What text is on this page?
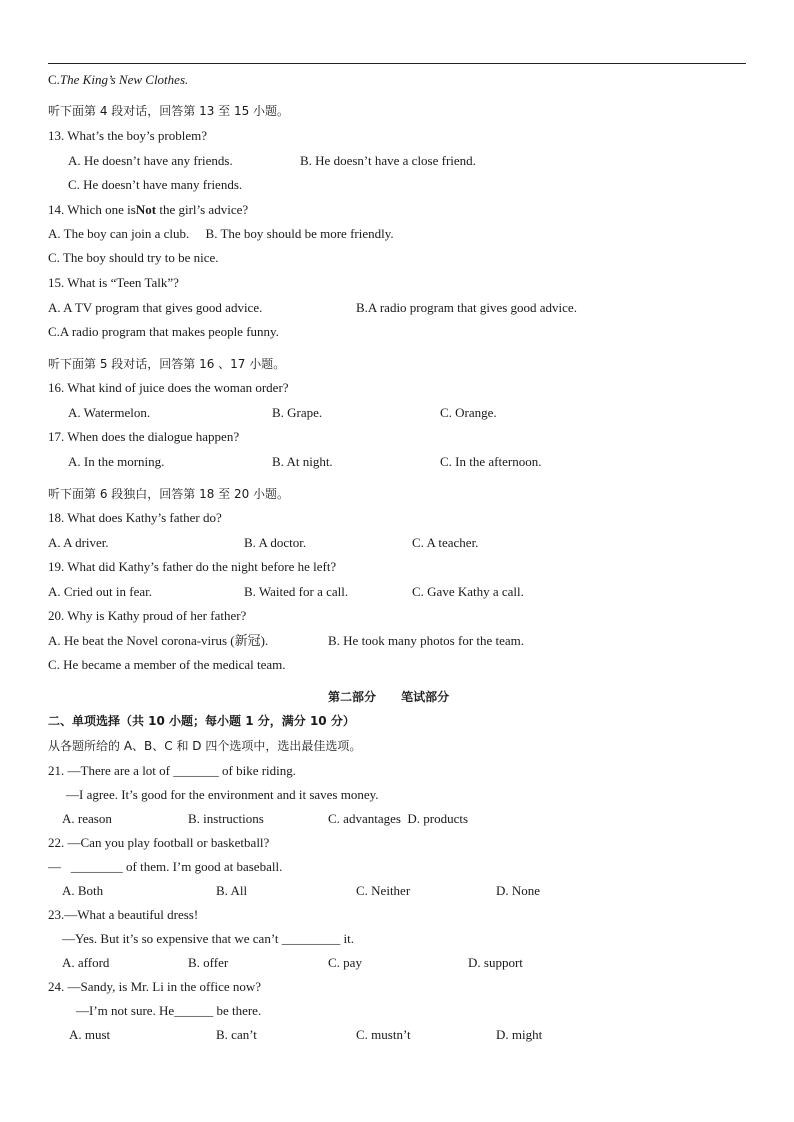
C.The King’s New Clothes.
听下面第 4 段对话，回答第 13 至 15 小题。
13. What’s the boy’s problem?
A. He doesn’t have any friends.	B. He doesn’t have a close friend.
C. He doesn’t have many friends.
14. Which one isNot the girl’s advice?
A. The boy can join a club.     B. The boy should be more friendly.
C. The boy should try to be nice.
15. What is “Teen Talk”?
A. A TV program that gives good advice.	B.A radio program that gives good advice.
C.A radio program that makes people funny.
听下面第 5 段对话，回答第 16 、17 小题。
16. What kind of juice does the woman order?
A. Watermelon.	B. Grape.	C. Orange.
17. When does the dialogue happen?
A. In the morning.	B. At night.	C. In the afternoon.
听下面第 6 段独白，回答第 18 至 20 小题。
18. What does Kathy’s father do?
A. A driver.	B. A doctor.	C. A teacher.
19. What did Kathy’s father do the night before he left?
A. Cried out in fear.	B. Waited for a call.	C. Gave Kathy a call.
20. Why is Kathy proud of her father?
A. He beat the Novel corona-virus (新冠).	B. He took many photos for the team.
C. He became a member of the medical team.
第二部分      笔试部分
二、单项选择（共 10 小题；每小题 1 分，满分 10 分）
从各题所给的 A、B、C 和 D 四个选项中，选出最佳选项。
21. —There are a lot of _______ of bike riding.
—I agree. It’s good for the environment and it saves money.
A. reason	B. instructions	C. advantages  D. products
22. —Can you play football or basketball?
—   ________ of them. I’m good at baseball.
A. Both	B. All	C. Neither	D. None
23.—What a beautiful dress!
—Yes. But it’s so expensive that we can’t _________ it.
A. afford	B. offer	C. pay	D. support
24. —Sandy, is Mr. Li in the office now?
—I’m not sure. He______ be there.
A. must	B. can’t	C. mustn’t	D. might
